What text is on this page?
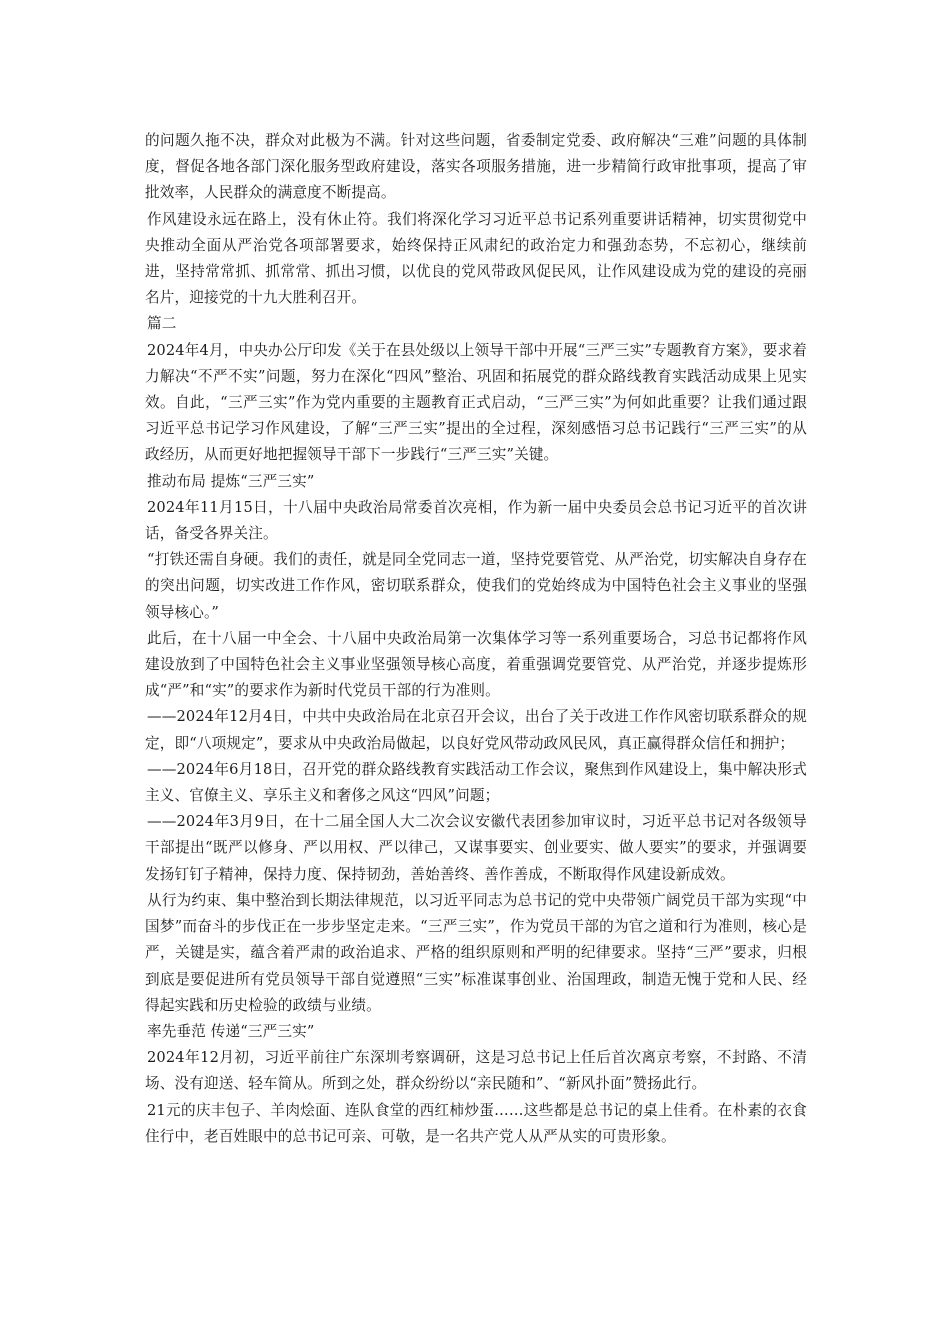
的问题久拖不决，群众对此极为不满。针对这些问题，省委制定党委、政府解决“三难”问题的具体制度，督促各地各部门深化服务型政府建设，落实各项服务措施，进一步精简行政审批事项，提高了审批效率，人民群众的满意度不断提高。

作风建设永远在路上，没有休止符。我们将深化学习习近平总书记系列重要讲话精神，切实贯彻党中央推动全面从严治党各项部署要求，始终保持正风肃纪的政治定力和强劲态势，不忘初心，继续前进，坚持常常抓、抓常常、抓出习惯，以优良的党风带政风促民风，让作风建设成为党的建设的亮丽名片，迎接党的十九大胜利召开。

篇二

2024年4月，中央办公厅印发《关于在县处级以上领导干部中开展“三严三实”专题教育方案》，要求着力解决“不严不实”问题，努力在深化“四风”整治、巩固和拓展党的群众路线教育实践活动成果上见实效。自此，“三严三实”作为党内重要的主题教育正式启动，“三严三实”为何如此重要？让我们通过跟习近平总书记学习作风建设，了解“三严三实”提出的全过程，深刻感悟习总书记践行“三严三实”的从政经历，从而更好地把握领导干部下一步践行“三严三实”关键。

推动布局 提炼“三严三实”

2024年11月15日，十八届中央政治局常委首次亮相，作为新一届中央委员会总书记习近平的首次讲话，备受各界关注。

“打铁还需自身硬。我们的责任，就是同全党同志一道，坚持党要管党、从严治党，切实解决自身存在的突出问题，切实改进工作作风，密切联系群众，使我们的党始终成为中国特色社会主义事业的坚强领导核心。”

此后，在十八届一中全会、十八届中央政治局第一次集体学习等一系列重要场合，习总书记都将作风建设放到了中国特色社会主义事业坚强领导核心高度，着重强调党要管党、从严治党，并逐步提炼形成“严”和“实”的要求作为新时代党员干部的行为准则。

——2024年12月4日，中共中央政治局在北京召开会议，出台了关于改进工作作风密切联系群众的规定，即“八项规定”，要求从中央政治局做起，以良好党风带动政风民风，真正赢得群众信任和拥护；

——2024年6月18日，召开党的群众路线教育实践活动工作会议，聚焦到作风建设上，集中解决形式主义、官僚主义、享乐主义和奢侈之风这“四风”问题；

——2024年3月9日，在十二届全国人大二次会议安徽代表团参加审议时，习近平总书记对各级领导干部提出“既严以修身、严以用权、严以律己，又谋事要实、创业要实、做人要实”的要求，并强调要发扬钉钉子精神，保持力度、保持韧劲，善始善终、善作善成，不断取得作风建设新成效。

从行为约束、集中整治到长期法律规范，以习近平同志为总书记的党中央带领广阔党员干部为实现“中国梦”而奋斗的步伐正在一步步坚定走来。“三严三实”，作为党员干部的为官之道和行为准则，核心是严，关键是实，蕴含着严肃的政治追求、严格的组织原则和严明的纪律要求。坚持“三严”要求，归根到底是要促进所有党员领导干部自觉遵照“三实”标准谋事创业、治国理政，制造无愧于党和人民、经得起实践和历史检验的政绩与业绩。

率先垂范 传递“三严三实”

2024年12月初，习近平前往广东深圳考察调研，这是习总书记上任后首次离京考察，不封路、不清场、没有迎送、轻车简从。所到之处，群众纷纷以“亲民随和”、“新风扑面”赞扬此行。

21元的庆丰包子、羊肉烩面、连队食堂的西红柿炒蛋……这些都是总书记的桌上佳肴。在朴素的衣食住行中，老百姓眼中的总书记可亲、可敬，是一名共产党人从严从实的可贵形象。
